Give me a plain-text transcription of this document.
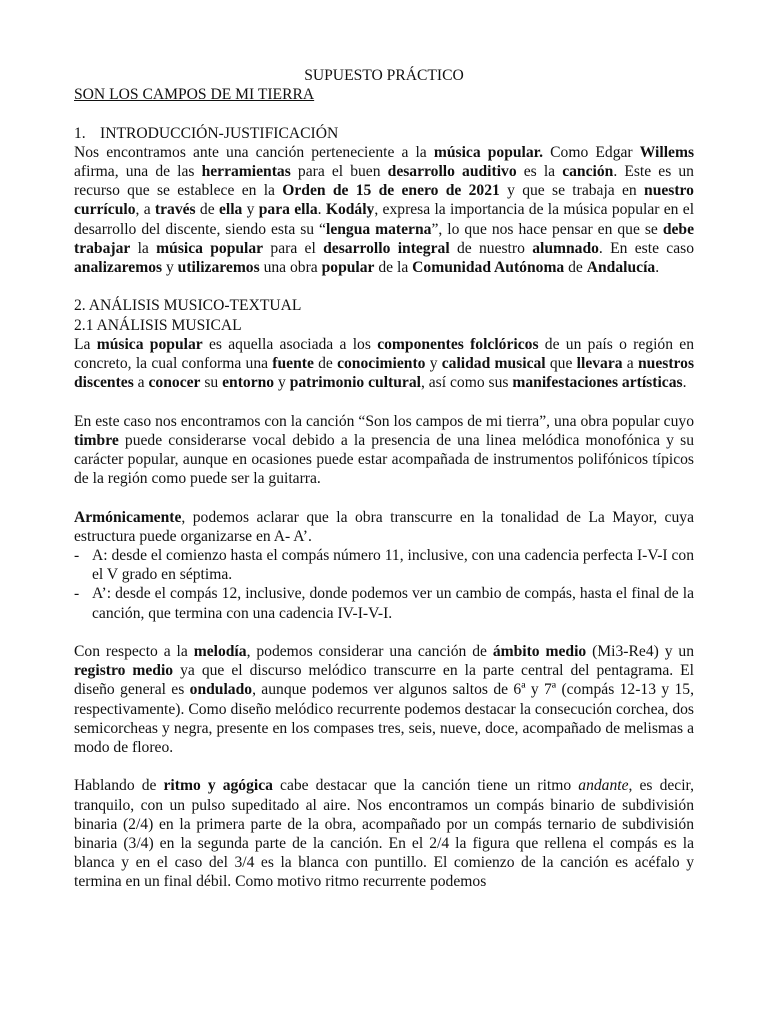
SUPUESTO PRÁCTICO

SON LOS CAMPOS DE MI TIERRA

1. INTRODUCCIÓN-JUSTIFICACIÓN

Nos encontramos ante una canción perteneciente a la música popular. Como Edgar Willems afirma, una de las herramientas para el buen desarrollo auditivo es la canción. Este es un recurso que se establece en la Orden de 15 de enero de 2021 y que se trabaja en nuestro currículo, a través de ella y para ella. Kodály, expresa la importancia de la música popular en el desarrollo del discente, siendo esta su “lengua materna”, lo que nos hace pensar en que se debe trabajar la música popular para el desarrollo integral de nuestro alumnado. En este caso analizaremos y utilizaremos una obra popular de la Comunidad Autónoma de Andalucía.

2. ANÁLISIS MUSICO-TEXTUAL

2.1 ANÁLISIS MUSICAL

La música popular es aquella asociada a los componentes folclóricos de un país o región en concreto, la cual conforma una fuente de conocimiento y calidad musical que llevara a nuestros discentes a conocer su entorno y patrimonio cultural, así como sus manifestaciones artísticas.

En este caso nos encontramos con la canción “Son los campos de mi tierra”, una obra popular cuyo timbre puede considerarse vocal debido a la presencia de una linea melódica monofónica y su carácter popular, aunque en ocasiones puede estar acompañada de instrumentos polifónicos típicos de la región como puede ser la guitarra.

Armónicamente, podemos aclarar que la obra transcurre en la tonalidad de La Mayor, cuya estructura puede organizarse en A- A’.

- A: desde el comienzo hasta el compás número 11, inclusive, con una cadencia perfecta I-V-I con el V grado en séptima.
- A’: desde el compás 12, inclusive, donde podemos ver un cambio de compás, hasta el final de la canción, que termina con una cadencia IV-I-V-I.

Con respecto a la melodía, podemos considerar una canción de ámbito medio (Mi3-Re4) y un registro medio ya que el discurso melódico transcurre en la parte central del pentagrama. El diseño general es ondulado, aunque podemos ver algunos saltos de 6ª y 7ª (compás 12-13 y 15, respectivamente). Como diseño melódico recurrente podemos destacar la consecución corchea, dos semicorcheas y negra, presente en los compases tres, seis, nueve, doce, acompañado de melismas a modo de floreo.

Hablando de ritmo y agógica cabe destacar que la canción tiene un ritmo andante, es decir, tranquilo, con un pulso supeditado al aire. Nos encontramos un compás binario de subdivisión binaria (2/4) en la primera parte de la obra, acompañado por un compás ternario de subdivisión binaria (3/4) en la segunda parte de la canción. En el 2/4 la figura que rellena el compás es la blanca y en el caso del 3/4 es la blanca con puntillo. El comienzo de la canción es acéfalo y termina en un final débil. Como motivo ritmo recurrente podemos
